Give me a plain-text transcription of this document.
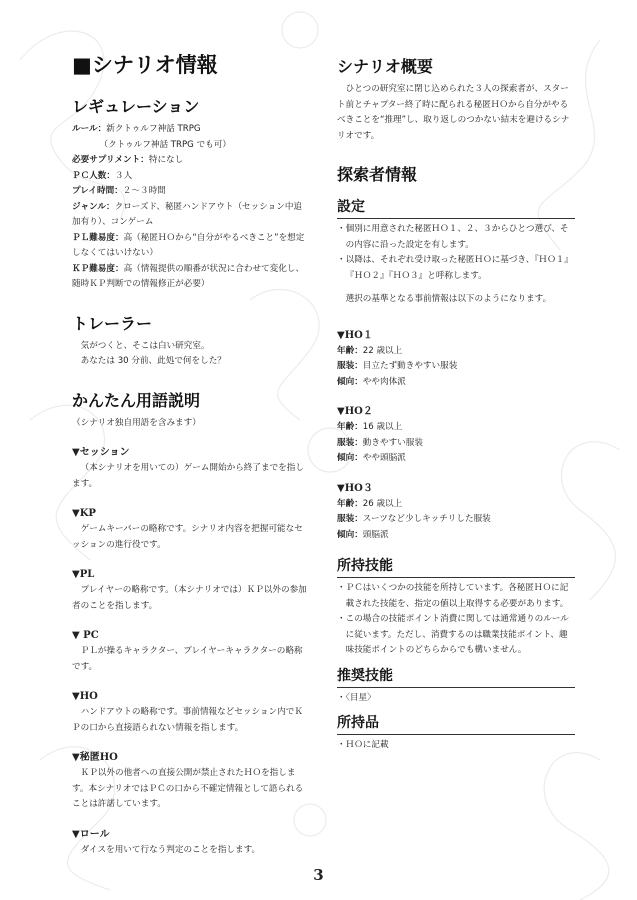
■シナリオ情報
レギュレーション

ルール：新クトゥルフ神話 TRPG

（クトゥルフ神話 TRPG でも可）

必要サプリメント：特になし

ＰＣ人数：３人

プレイ時間：２～３時間

ジャンル：クローズド、秘匿ハンドアウト（セッション中追加有り）、コンゲーム

ＰＬ難易度：高（秘匿ＨＯから“自分がやるべきこと”を想定しなくてはいけない）

ＫＰ難易度：高（情報提供の順番が状況に合わせて変化し、随時ＫＰ判断での情報修正が必要）

トレーラー

気がつくと、そこは白い研究室。

あなたは 30 分前、此処で何をした？

かんたん用語説明

（シナリオ独自用語を含みます）

▼セッション

（本シナリオを用いての）ゲーム開始から終了までを指します。

▼KP

ゲームキーパーの略称です。シナリオ内容を把握可能なセッションの進行役です。

▼PL

プレイヤーの略称です。（本シナリオでは）ＫＰ以外の参加者のことを指します。

▼ PC

ＰＬが操るキャラクター、プレイヤーキャラクターの略称です。

▼HO

ハンドアウトの略称です。事前情報などセッション内でＫＰの口から直接語られない情報を指します。

▼秘匿HO

ＫＰ以外の他者への直接公開が禁止されたＨＯを指します。本シナリオではＰＣの口から不確定情報として語られることは許諾しています。

▼ロール

ダイスを用いて行なう判定のことを指します。

シナリオ概要

ひとつの研究室に閉じ込められた３人の探索者が、スタート前とチャプター終了時に配られる秘匿ＨＯから自分がやるべきことを“推理”し、取り返しのつかない結末を避けるシナリオです。

探索者情報
設定

・個別に用意された秘匿ＨＯ１、２、３からひとつ選び、その内容に沿った設定を有します。

・以降は、それぞれ受け取った秘匿ＨＯに基づき、『ＨＯ１』『ＨＯ２』『ＨＯ３』と呼称します。

選択の基準となる事前情報は以下のようになります。

▼HO１

年齢：22 歳以上

服装：目立たず動きやすい服装

傾向：やや肉体派

▼HO２

年齢：16 歳以上

服装：動きやすい服装

傾向：やや頭脳派

▼HO３

年齢：26 歳以上

服装：スーツなど少しキッチリした服装

傾向：頭脳派

所持技能

・ＰＣはいくつかの技能を所持しています。各秘匿ＨＯに記載された技能を、指定の値以上取得する必要があります。

・この場合の技能ポイント消費に関しては通常通りのルールに従います。ただし、消費するのは職業技能ポイント、趣味技能ポイントのどちらからでも構いません。

推奨技能

・〈目星〉

所持品

・ＨＯに記載

3
